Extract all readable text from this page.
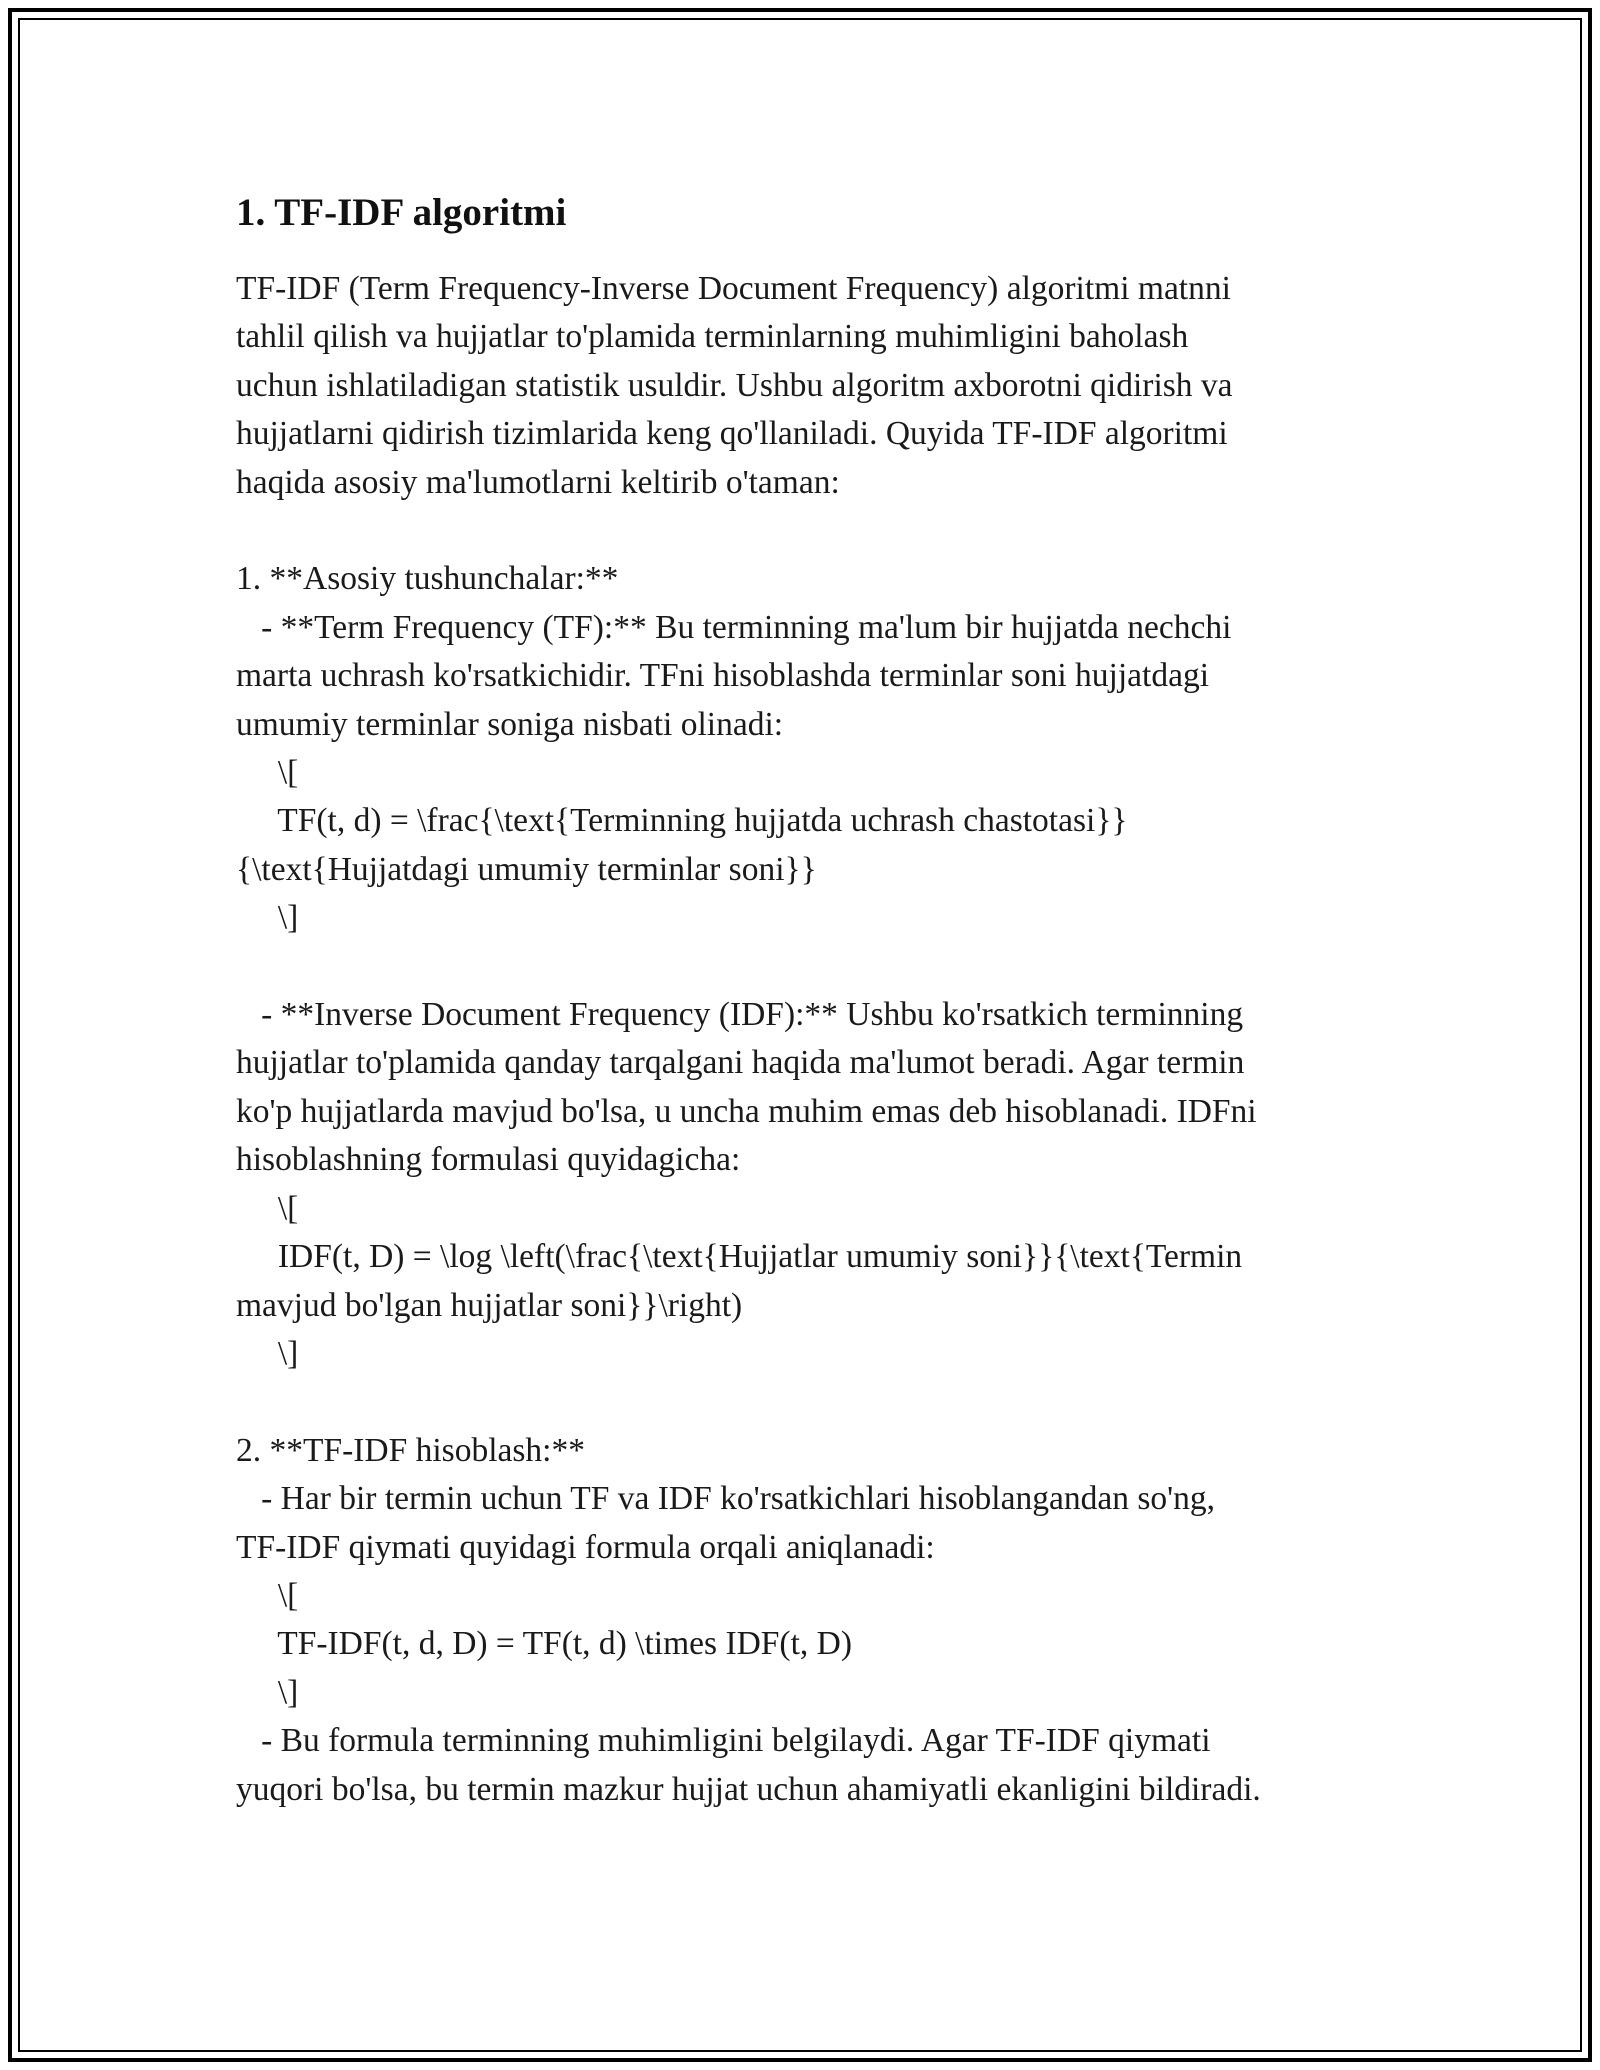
1. TF-IDF algoritmi
TF-IDF (Term Frequency-Inverse Document Frequency) algoritmi matnni
tahlil qilish va hujjatlar to'plamida terminlarning muhimligini baholash
uchun ishlatiladigan statistik usuldir. Ushbu algoritm axborotni qidirish va
hujjatlarni qidirish tizimlarida keng qo'llaniladi. Quyida TF-IDF algoritmi
haqida asosiy ma'lumotlarni keltirib o'taman:
1. **Asosiy tushunchalar:**
- **Term Frequency (TF):** Bu terminning ma'lum bir hujjatda nechchi
marta uchrash ko'rsatkichidir. TFni hisoblashda terminlar soni hujjatdagi
umumiy terminlar soniga nisbati olinadi:
\[
TF(t, d) = \frac{\text{Terminning hujjatda uchrash chastotasi}}
{\text{Hujjatdagi umumiy terminlar soni}}
\]
- **Inverse Document Frequency (IDF):** Ushbu ko'rsatkich terminning
hujjatlar to'plamida qanday tarqalgani haqida ma'lumot beradi. Agar termin
ko'p hujjatlarda mavjud bo'lsa, u uncha muhim emas deb hisoblanadi. IDFni
hisoblashning formulasi quyidagicha:
\[
IDF(t, D) = \log \left(\frac{\text{Hujjatlar umumiy soni}}{\text{Termin
mavjud bo'lgan hujjatlar soni}}\right)
\]
2. **TF-IDF hisoblash:**
- Har bir termin uchun TF va IDF ko'rsatkichlari hisoblangandan so'ng,
TF-IDF qiymati quyidagi formula orqali aniqlanadi:
\[
TF-IDF(t, d, D) = TF(t, d) \times IDF(t, D)
\]
- Bu formula terminning muhimligini belgilaydi. Agar TF-IDF qiymati
yuqori bo'lsa, bu termin mazkur hujjat uchun ahamiyatli ekanligini bildiradi.
